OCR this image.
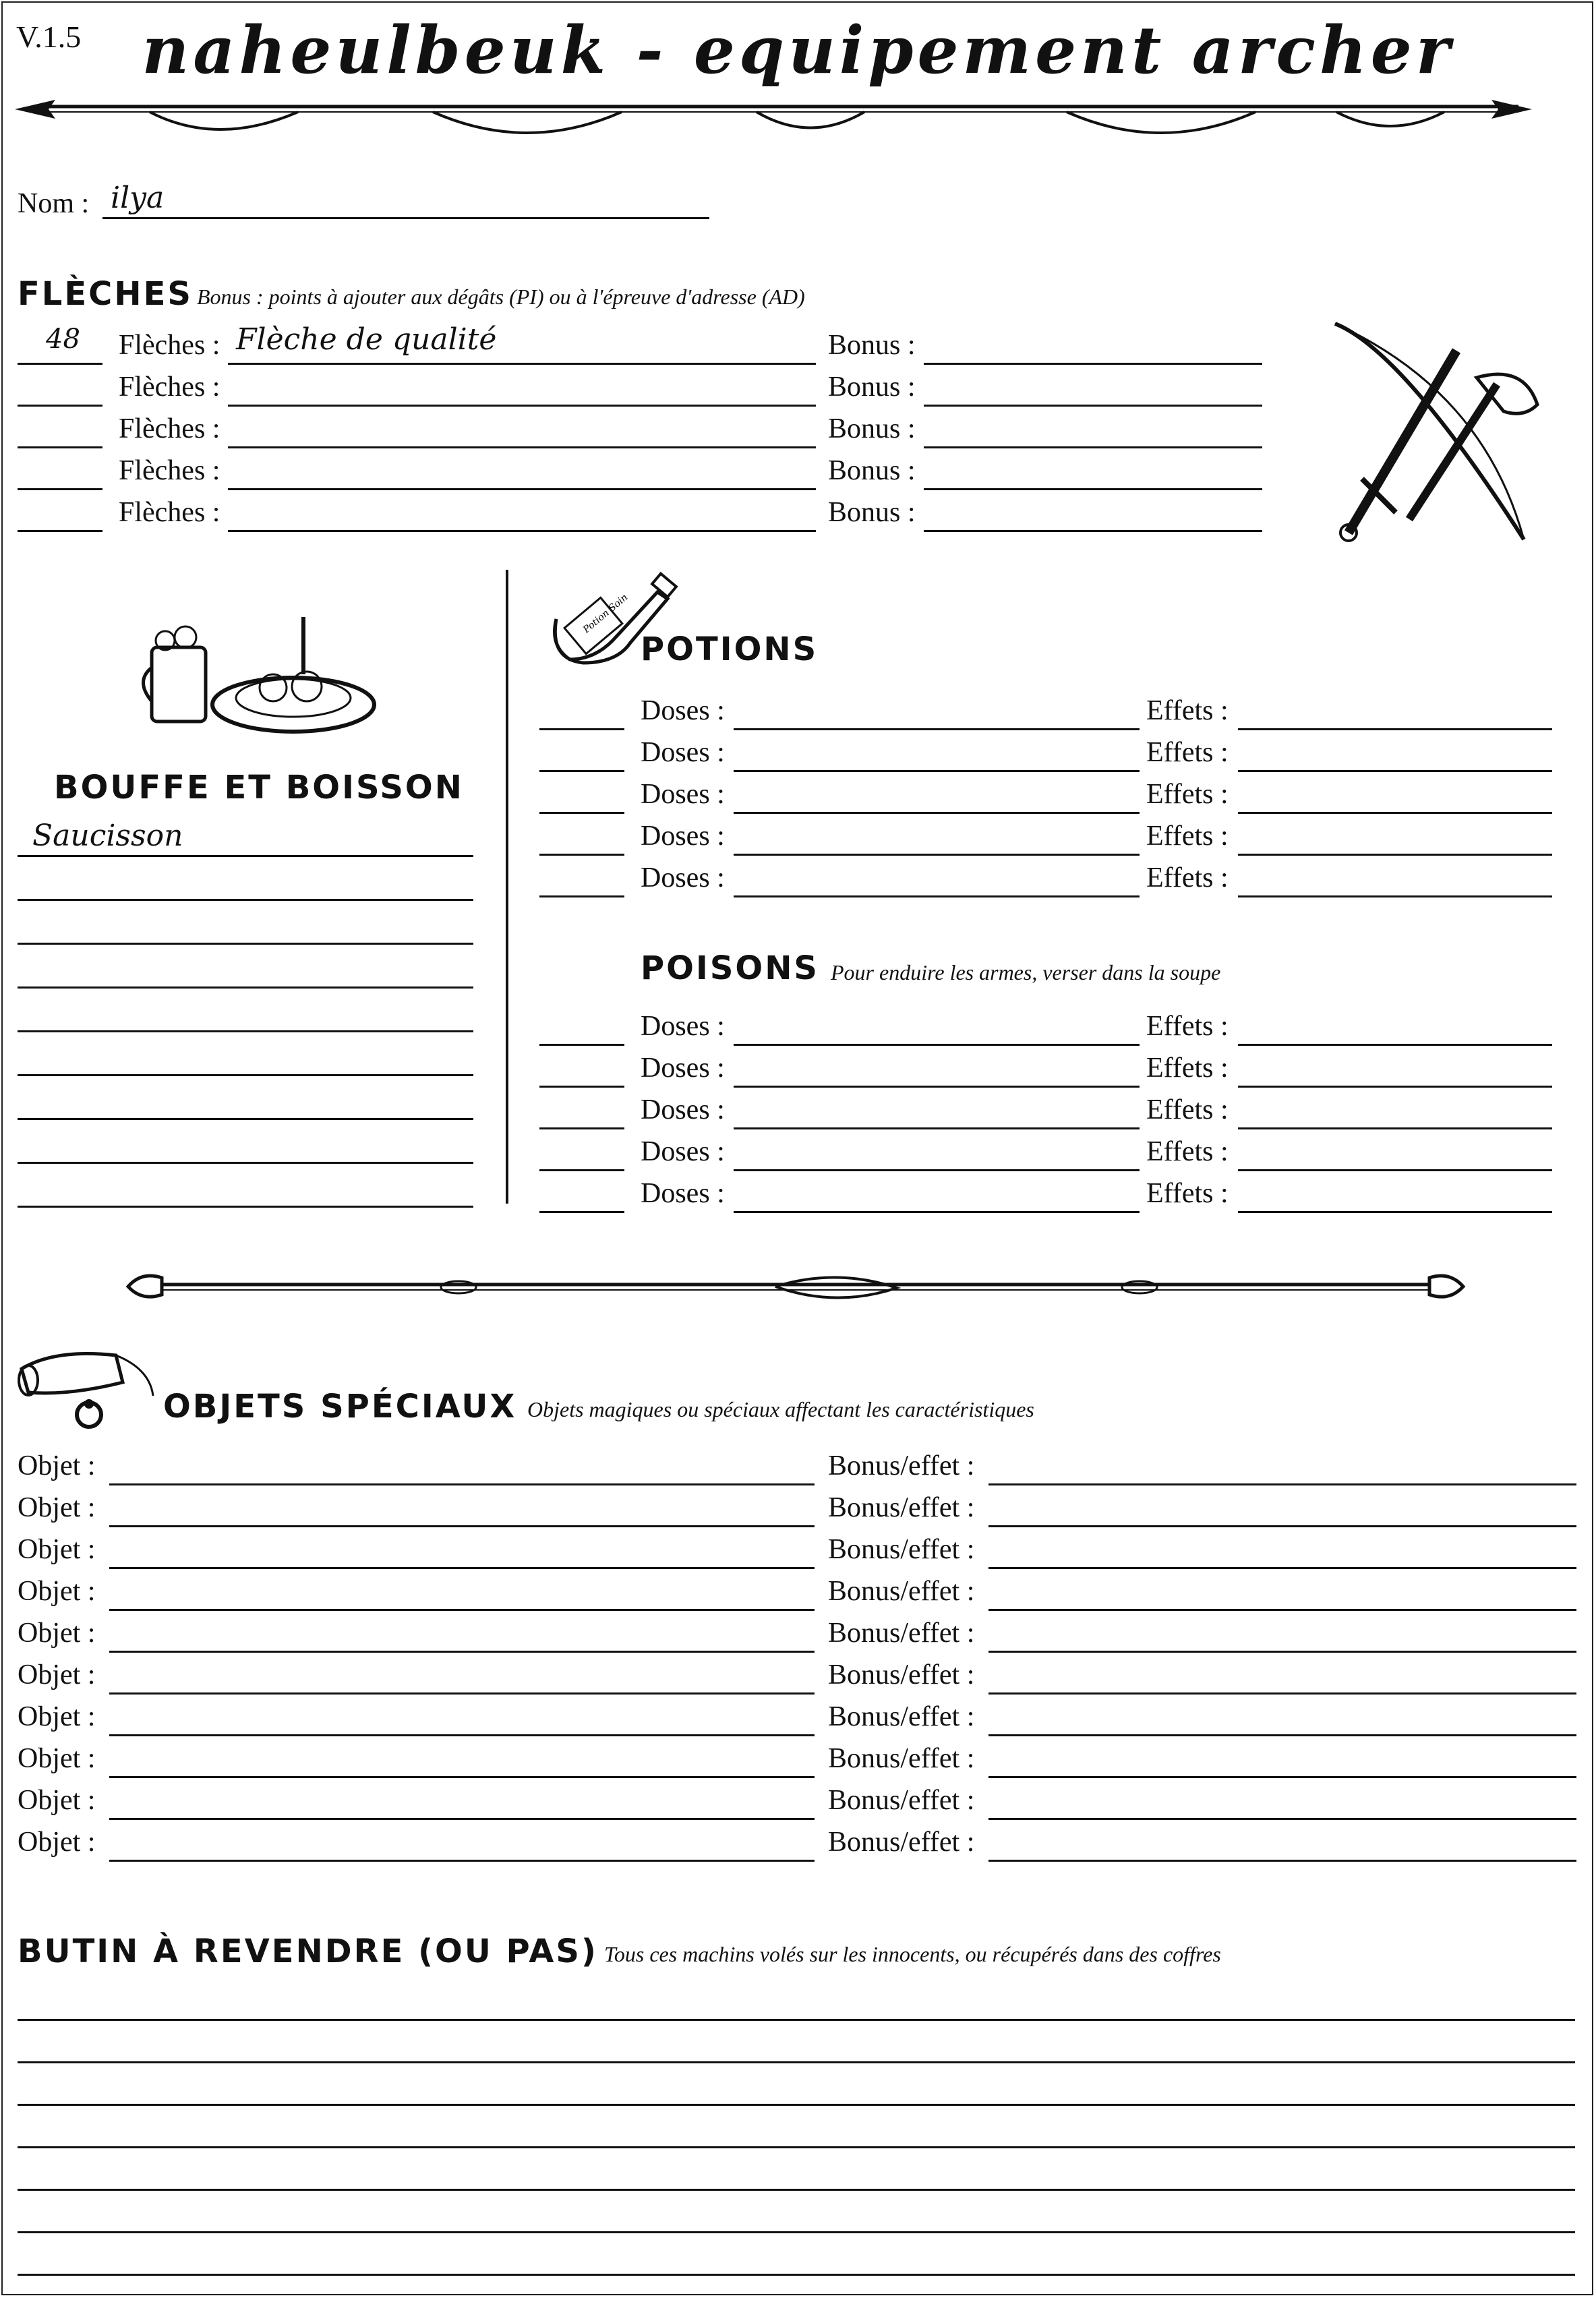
V.1.5 naheulbeuk - equipement archer
Nom : ilya
FLÈCHES Bonus : points à ajouter aux dégâts (PI) ou à l'épreuve d'adresse (AD)
48 Flèches : Flèche de qualité	Bonus :
Flèches :	Bonus :
Flèches :	Bonus :
Flèches :	Bonus :
Flèches :	Bonus :
BOUFFE ET BOISSON
Saucisson
Potion Soin
POTIONS
Doses :	Effets :
Doses :	Effets :
Doses :	Effets :
Doses :	Effets :
Doses :	Effets :
POISONS Pour enduire les armes, verser dans la soupe
Doses :	Effets :
Doses :	Effets :
Doses :	Effets :
Doses :	Effets :
Doses :	Effets :
OBJETS SPÉCIAUX Objets magiques ou spéciaux affectant les caractéristiques
Objet :	Bonus/effet :
Objet :	Bonus/effet :
Objet :	Bonus/effet :
Objet :	Bonus/effet :
Objet :	Bonus/effet :
Objet :	Bonus/effet :
Objet :	Bonus/effet :
Objet :	Bonus/effet :
Objet :	Bonus/effet :
Objet :	Bonus/effet :
BUTIN À REVENDRE (OU PAS) Tous ces machins volés sur les innocents, ou récupérés dans des coffres
